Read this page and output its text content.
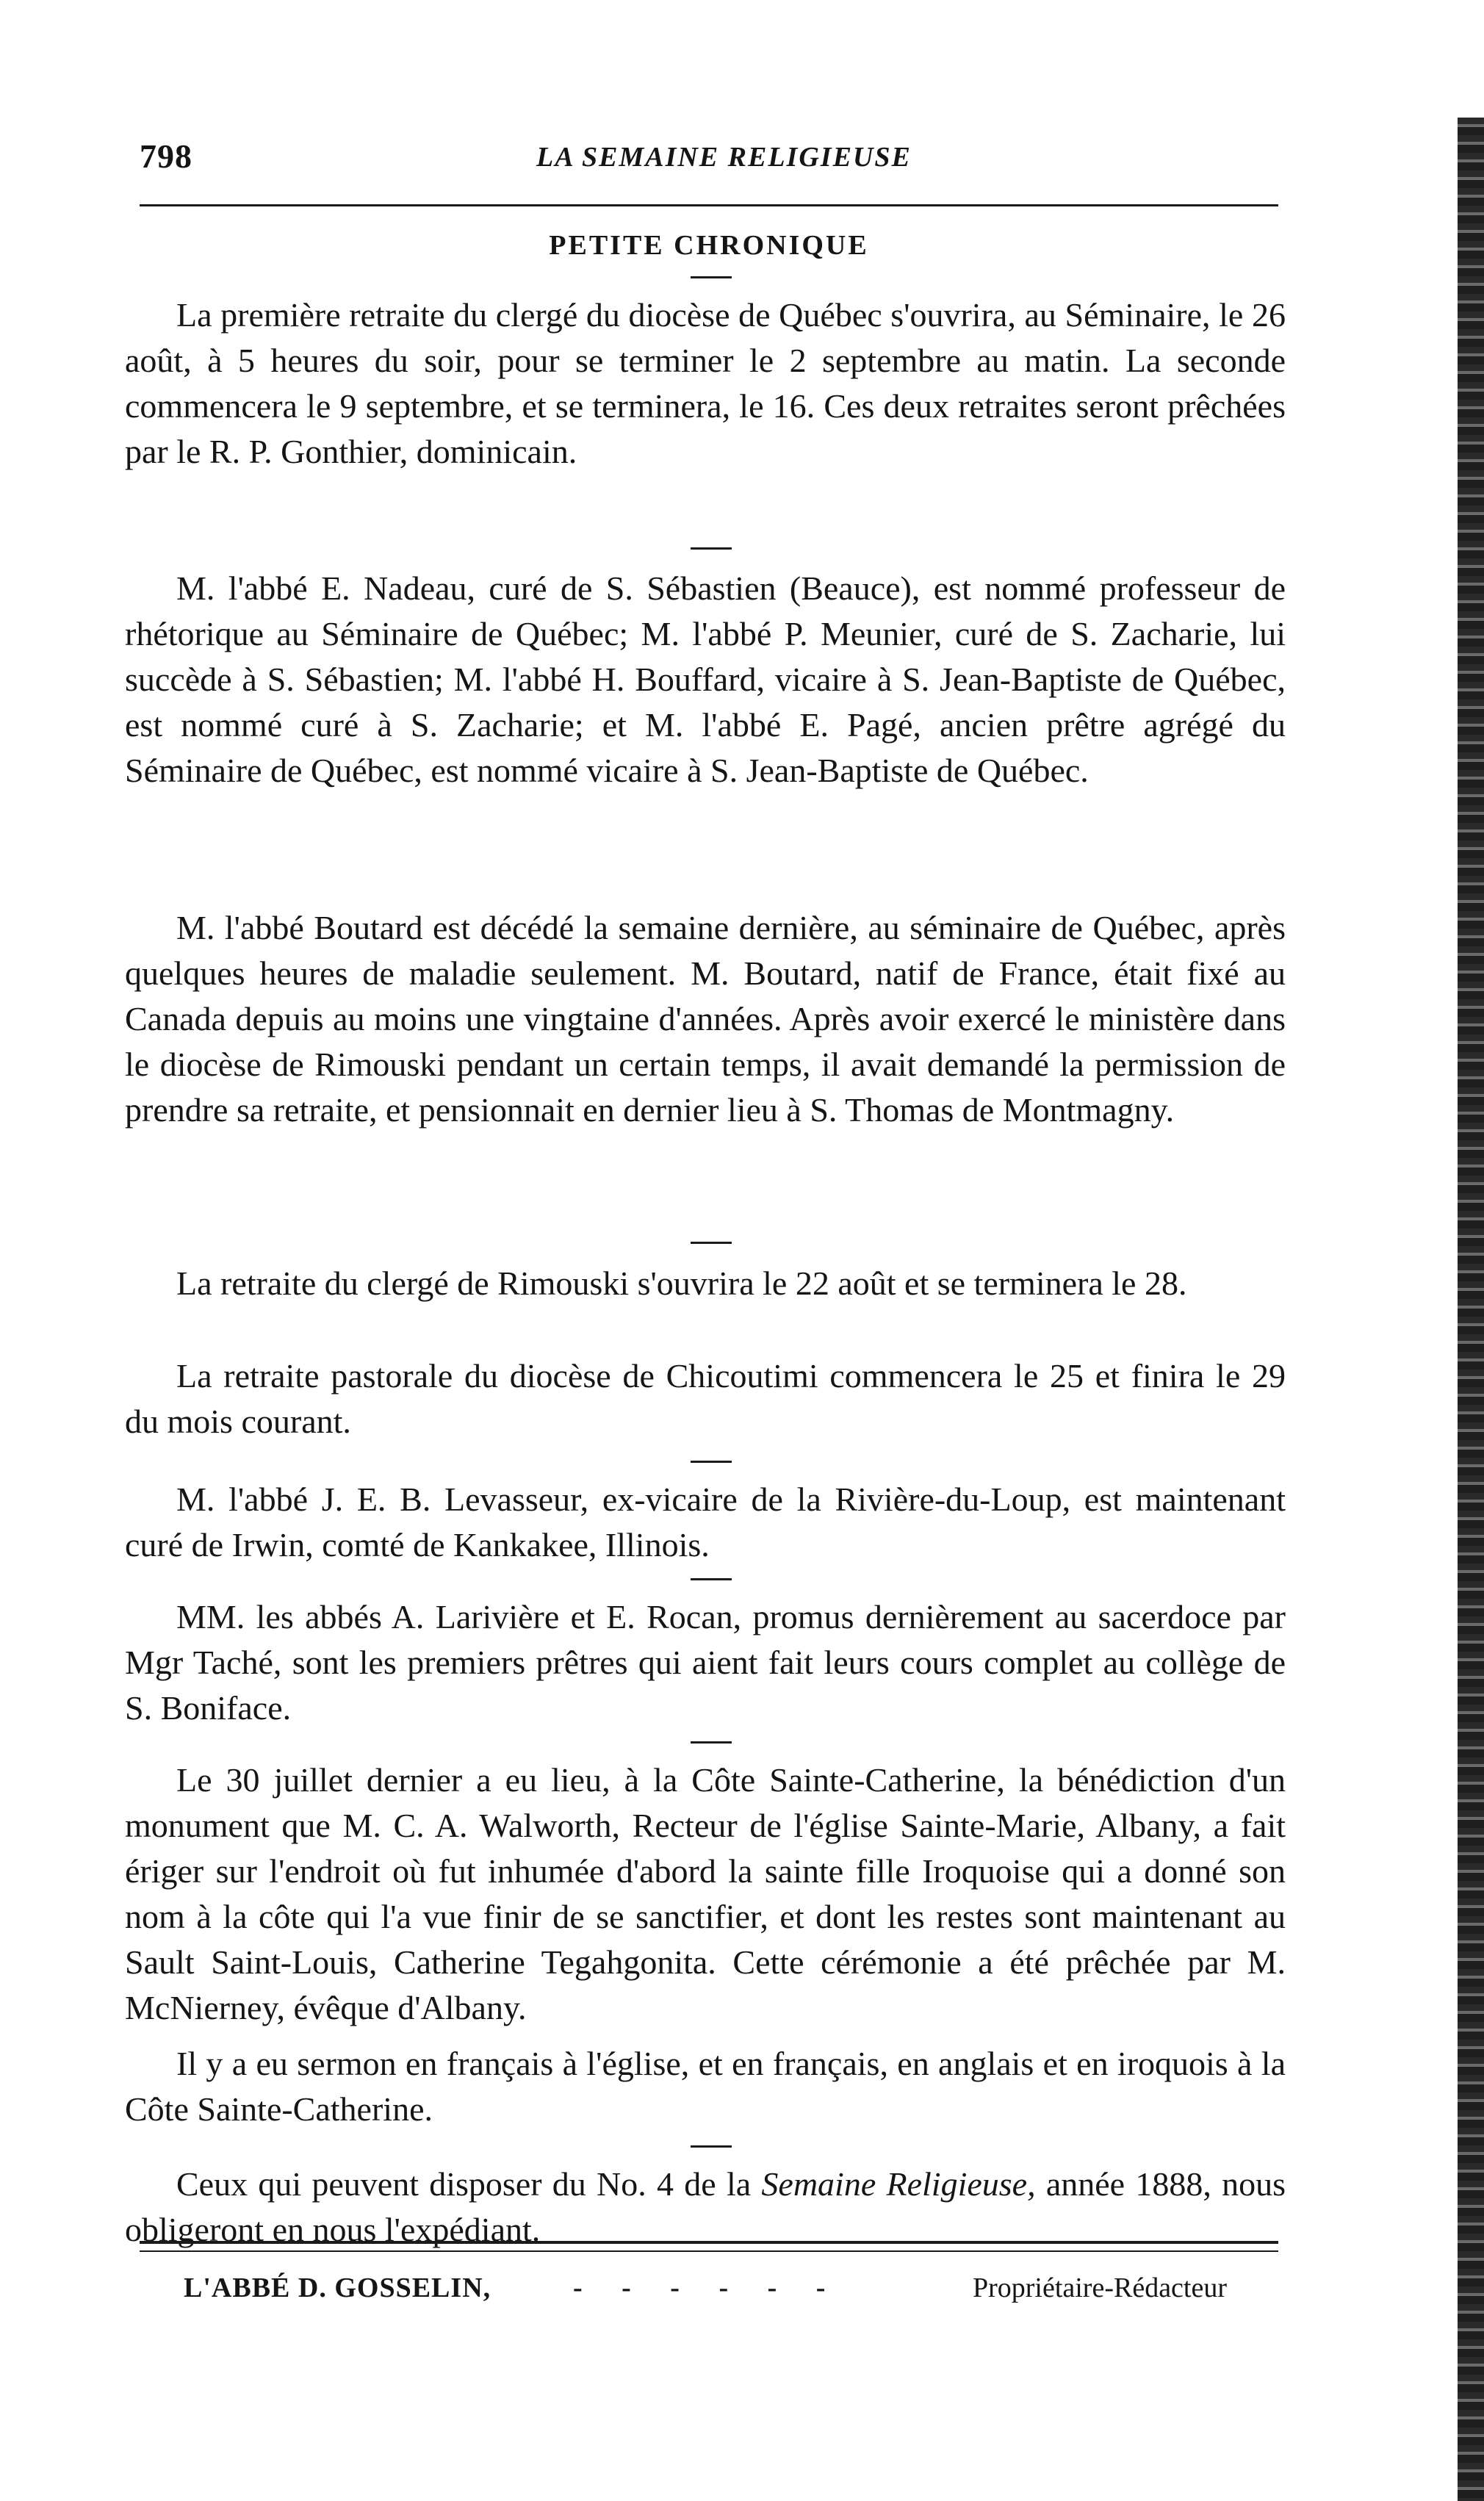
798	LA SEMAINE RELIGIEUSE
PETITE CHRONIQUE

La première retraite du clergé du diocèse de Québec s'ouvrira, au Séminaire, le 26 août, à 5 heures du soir, pour se terminer le 2 septembre au matin. La seconde commencera le 9 septembre, et se terminera, le 16. Ces deux retraites seront prêchées par le R. P. Gonthier, dominicain.

M. l'abbé E. Nadeau, curé de S. Sébastien (Beauce), est nommé professeur de rhétorique au Séminaire de Québec; M. l'abbé P. Meunier, curé de S. Zacharie, lui succède à S. Sébastien; M. l'abbé H. Bouffard, vicaire à S. Jean-Baptiste de Québec, est nommé curé à S. Zacharie; et M. l'abbé E. Pagé, ancien prêtre agrégé du Séminaire de Québec, est nommé vicaire à S. Jean-Baptiste de Québec.

M. l'abbé Boutard est décédé la semaine dernière, au séminaire de Québec, après quelques heures de maladie seulement. M. Boutard, natif de France, était fixé au Canada depuis au moins une vingtaine d'années. Après avoir exercé le ministère dans le diocèse de Rimouski pendant un certain temps, il avait demandé la permission de prendre sa retraite, et pensionnait en dernier lieu à S. Thomas de Montmagny.

La retraite du clergé de Rimouski s'ouvrira le 22 août et se terminera le 28.

La retraite pastorale du diocèse de Chicoutimi commencera le 25 et finira le 29 du mois courant.

M. l'abbé J. E. B. Levasseur, ex-vicaire de la Rivière-du-Loup, est maintenant curé de Irwin, comté de Kankakee, Illinois.

MM. les abbés A. Larivière et E. Rocan, promus dernièrement au sacerdoce par Mgr Taché, sont les premiers prêtres qui aient fait leurs cours complet au collège de S. Boniface.

Le 30 juillet dernier a eu lieu, à la Côte Sainte-Catherine, la bénédiction d'un monument que M. C. A. Walworth, Recteur de l'église Sainte-Marie, Albany, a fait ériger sur l'endroit où fut inhumée d'abord la sainte fille Iroquoise qui a donné son nom à la côte qui l'a vue finir de se sanctifier, et dont les restes sont maintenant au Sault Saint-Louis, Catherine Tegahgonita. Cette cérémonie a été prêchée par M. McNierney, évêque d'Albany.

Il y a eu sermon en français à l'église, et en français, en anglais et en iroquois à la Côte Sainte-Catherine.

Ceux qui peuvent disposer du No. 4 de la Semaine Religieuse, année 1888, nous obligeront en nous l'expédiant.

L'ABBÉ D. GOSSELIN,	- - - - - -	Propriétaire-Rédacteur
